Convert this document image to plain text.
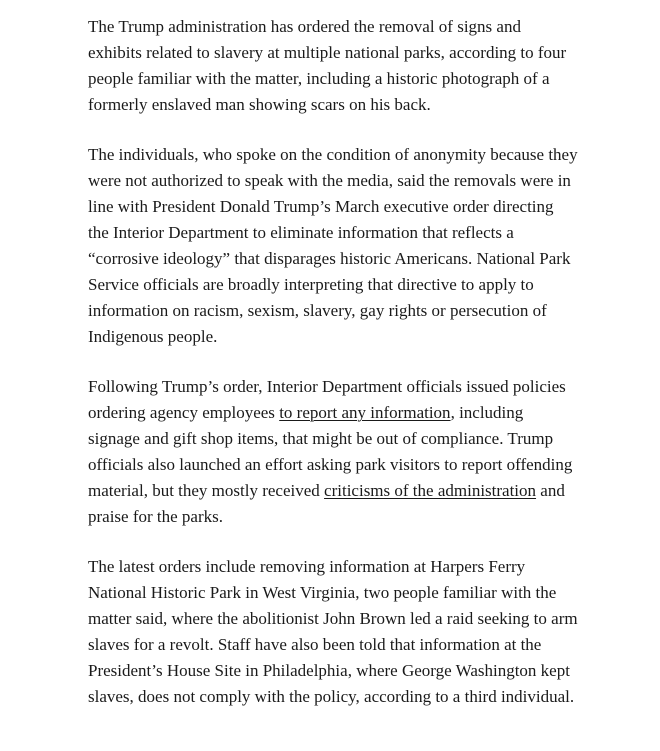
The Trump administration has ordered the removal of signs and exhibits related to slavery at multiple national parks, according to four people familiar with the matter, including a historic photograph of a formerly enslaved man showing scars on his back.

The individuals, who spoke on the condition of anonymity because they were not authorized to speak with the media, said the removals were in line with President Donald Trump’s March executive order directing the Interior Department to eliminate information that reflects a “corrosive ideology” that disparages historic Americans. National Park Service officials are broadly interpreting that directive to apply to information on racism, sexism, slavery, gay rights or persecution of Indigenous people.

Following Trump’s order, Interior Department officials issued policies ordering agency employees to report any information, including signage and gift shop items, that might be out of compliance. Trump officials also launched an effort asking park visitors to report offending material, but they mostly received criticisms of the administration and praise for the parks.

The latest orders include removing information at Harpers Ferry National Historic Park in West Virginia, two people familiar with the matter said, where the abolitionist John Brown led a raid seeking to arm slaves for a revolt. Staff have also been told that information at the President’s House Site in Philadelphia, where George Washington kept slaves, does not comply with the policy, according to a third individual.
